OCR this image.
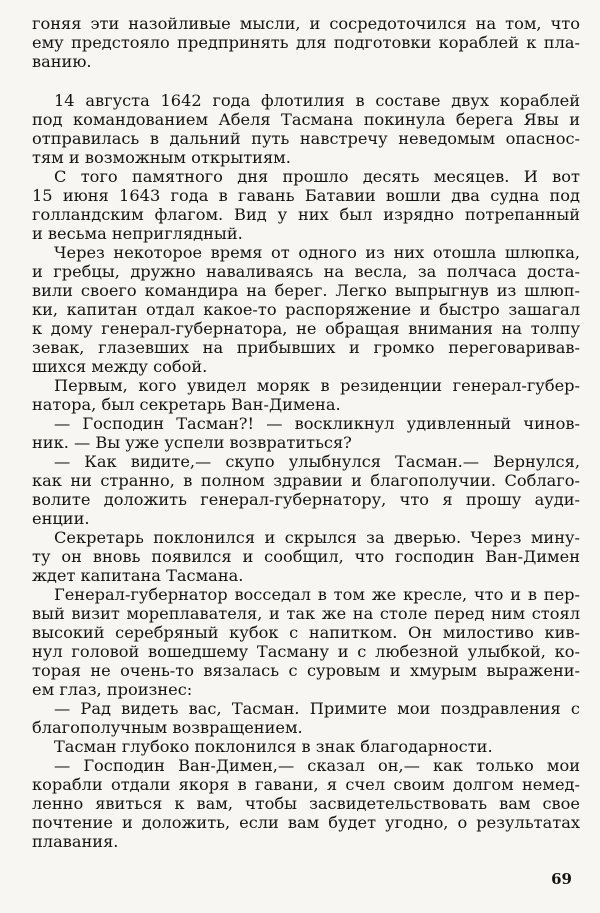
гоняя эти назойливые мысли, и сосредоточился на том, что
ему предстояло предпринять для подготовки кораблей к пла-
ванию.
14 августа 1642 года флотилия в составе двух кораблей
под командованием Абеля Тасмана покинула берега Явы и
отправилась в дальний путь навстречу неведомым опаснос-
тям и возможным открытиям.
С того памятного дня прошло десять месяцев. И вот
15 июня 1643 года в гавань Батавии вошли два судна под
голландским флагом. Вид у них был изрядно потрепанный
и весьма неприглядный.
Через некоторое время от одного из них отошла шлюпка,
и гребцы, дружно наваливаясь на весла, за полчаса доста-
вили своего командира на берег. Легко выпрыгнув из шлюп-
ки, капитан отдал какое-то распоряжение и быстро зашагал
к дому генерал-губернатора, не обращая внимания на толпу
зевак, глазевших на прибывших и громко переговаривав-
шихся между собой.
Первым, кого увидел моряк в резиденции генерал-губер-
натора, был секретарь Ван-Димена.
— Господин Тасман?! — воскликнул удивленный чинов-
ник. — Вы уже успели возвратиться?
— Как видите,— скупо улыбнулся Тасман.— Вернулся,
как ни странно, в полном здравии и благополучии. Соблаго-
волите доложить генерал-губернатору, что я прошу ауди-
енции.
Секретарь поклонился и скрылся за дверью. Через мину-
ту он вновь появился и сообщил, что господин Ван-Димен
ждет капитана Тасмана.
Генерал-губернатор восседал в том же кресле, что и в пер-
вый визит мореплавателя, и так же на столе перед ним стоял
высокий серебряный кубок с напитком. Он милостиво кив-
нул головой вошедшему Тасману и с любезной улыбкой, ко-
торая не очень-то вязалась с суровым и хмурым выражени-
ем глаз, произнес:
— Рад видеть вас, Тасман. Примите мои поздравления с
благополучным возвращением.
Тасман глубоко поклонился в знак благодарности.
— Господин Ван-Димен,— сказал он,— как только мои
корабли отдали якоря в гавани, я счел своим долгом немед-
ленно явиться к вам, чтобы засвидетельствовать вам свое
почтение и доложить, если вам будет угодно, о результатах
плавания.
69
